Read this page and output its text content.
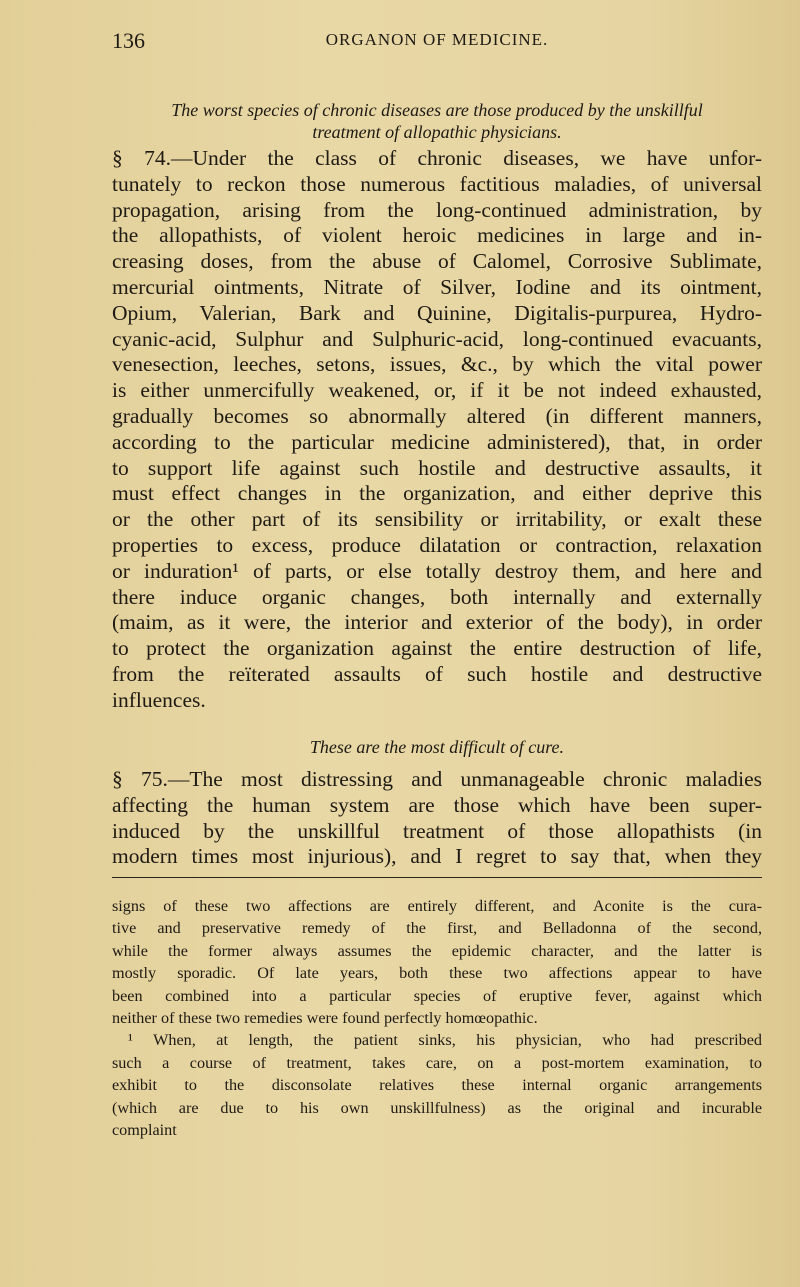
136	ORGANON OF MEDICINE.
The worst species of chronic diseases are those produced by the unskillful
treatment of allopathic physicians.
§ 74.—Under the class of chronic diseases, we have unfor-
tunately to reckon those numerous factitious maladies, of universal
propagation, arising from the long-continued administration, by
the allopathists, of violent heroic medicines in large and in-
creasing doses, from the abuse of Calomel, Corrosive Sublimate,
mercurial ointments, Nitrate of Silver, Iodine and its ointment,
Opium, Valerian, Bark and Quinine, Digitalis-purpurea, Hydro-
cyanic-acid, Sulphur and Sulphuric-acid, long-continued evacuants,
venesection, leeches, setons, issues, &c., by which the vital power
is either unmercifully weakened, or, if it be not indeed exhausted,
gradually becomes so abnormally altered (in different manners,
according to the particular medicine administered), that, in order
to support life against such hostile and destructive assaults, it
must effect changes in the organization, and either deprive this
or the other part of its sensibility or irritability, or exalt these
properties to excess, produce dilatation or contraction, relaxation
or induration¹ of parts, or else totally destroy them, and here and
there induce organic changes, both internally and externally
(maim, as it were, the interior and exterior of the body), in order
to protect the organization against the entire destruction of life,
from the reïterated assaults of such hostile and destructive
influences.
These are the most difficult of cure.
§ 75.—The most distressing and unmanageable chronic maladies
affecting the human system are those which have been super-
induced by the unskillful treatment of those allopathists (in
modern times most injurious), and I regret to say that, when they
signs of these two affections are entirely different, and Aconite is the cura-
tive and preservative remedy of the first, and Belladonna of the second,
while the former always assumes the epidemic character, and the latter is
mostly sporadic. Of late years, both these two affections appear to have
been combined into a particular species of eruptive fever, against which
neither of these two remedies were found perfectly homœopathic.
¹ When, at length, the patient sinks, his physician, who had prescribed
such a course of treatment, takes care, on a post-mortem examination, to
exhibit to the disconsolate relatives these internal organic arrangements
(which are due to his own unskillfulness) as the original and incurable
complaint
